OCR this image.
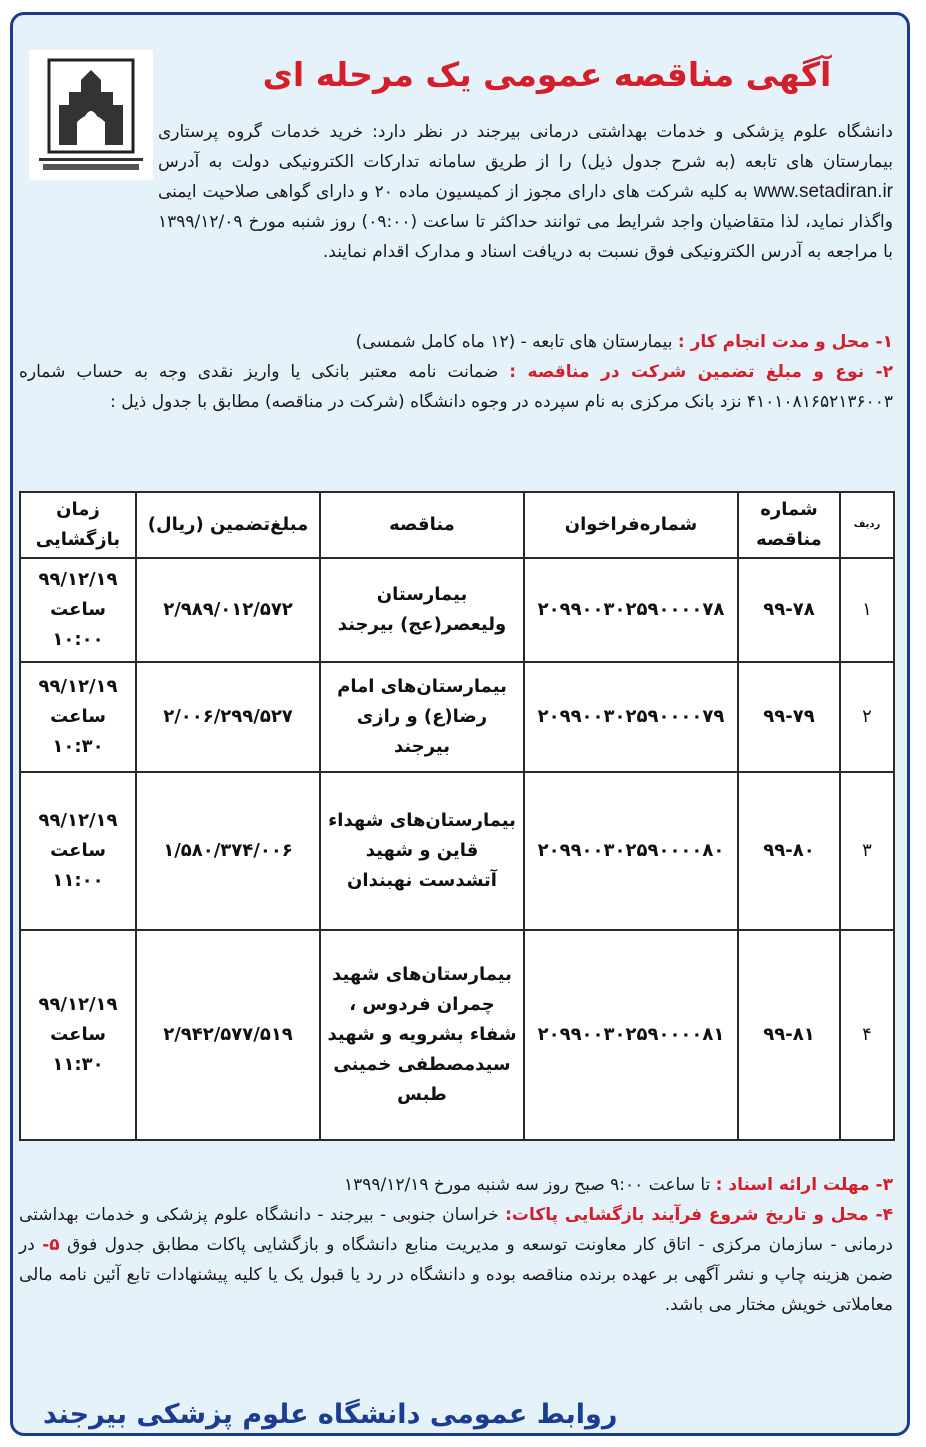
آگهی مناقصه عمومی یک مرحله ای
دانشگاه علوم پزشکی و خدمات بهداشتی درمانی بیرجند در نظر دارد: خرید خدمات گروه پرستاری بیمارستان های تابعه (به شرح جدول ذیل) را از طریق سامانه تدارکات الکترونیکی دولت به آدرس www.setadiran.ir به کلیه شرکت های دارای مجوز از کمیسیون ماده ۲۰ و دارای گواهی صلاحیت ایمنی واگذار نماید، لذا متقاضیان واجد شرایط می توانند حداکثر تا ساعت (۰۹:۰۰) روز شنبه مورخ ۱۳۹۹/۱۲/۰۹ با مراجعه به آدرس الکترونیکی فوق نسبت به دریافت اسناد و مدارک اقدام نمایند.
۱- محل و مدت انجام کار : بیمارستان های تابعه - (۱۲ ماه کامل شمسی)
۲- نوع و مبلغ تضمین شرکت در مناقصه : ضمانت نامه معتبر بانکی یا واریز نقدی وجه به حساب شماره ۴۱۰۱۰۸۱۶۵۲۱۳۶۰۰۳ نزد بانک مرکزی به نام سپرده در وجوه دانشگاه (شرکت در مناقصه) مطابق با جدول ذیل :
ردیف	شماره مناقصه	شماره‌فراخوان	مناقصه	مبلغ‌تضمین (ریال)	زمان بازگشایی
۱	۹۹-۷۸	۲۰۹۹۰۰۳۰۲۵۹۰۰۰۰۷۸	بیمارستان ولیعصر(عج) بیرجند	۲/۹۸۹/۰۱۲/۵۷۲	۹۹/۱۲/۱۹ ساعت ۱۰:۰۰
۲	۹۹-۷۹	۲۰۹۹۰۰۳۰۲۵۹۰۰۰۰۷۹	بیمارستان‌های امام رضا(ع) و رازی بیرجند	۲/۰۰۶/۲۹۹/۵۲۷	۹۹/۱۲/۱۹ ساعت ۱۰:۳۰
۳	۹۹-۸۰	۲۰۹۹۰۰۳۰۲۵۹۰۰۰۰۸۰	بیمارستان‌های شهداء قاین و شهید آتشدست نهبندان	۱/۵۸۰/۳۷۴/۰۰۶	۹۹/۱۲/۱۹ ساعت ۱۱:۰۰
۴	۹۹-۸۱	۲۰۹۹۰۰۳۰۲۵۹۰۰۰۰۸۱	بیمارستان‌های شهید چمران فردوس ، شفاء بشرویه و شهید سیدمصطفی خمینی طبس	۲/۹۴۲/۵۷۷/۵۱۹	۹۹/۱۲/۱۹ ساعت ۱۱:۳۰
۳- مهلت ارائه اسناد : تا ساعت ۹:۰۰ صبح روز سه شنبه مورخ ۱۳۹۹/۱۲/۱۹
۴- محل و تاریخ شروع فرآیند بازگشایی پاکات: خراسان جنوبی - بیرجند - دانشگاه علوم پزشکی و خدمات بهداشتی درمانی - سازمان مرکزی - اتاق کار معاونت توسعه و مدیریت منابع دانشگاه و بازگشایی پاکات مطابق جدول فوق ۵- در ضمن هزینه چاپ و نشر آگهی بر عهده برنده مناقصه بوده و دانشگاه در رد یا قبول یک یا کلیه پیشنهادات تابع آئین نامه مالی معاملاتی خویش مختار می باشد.
روابط عمومی دانشگاه علوم پزشکی بیرجند
